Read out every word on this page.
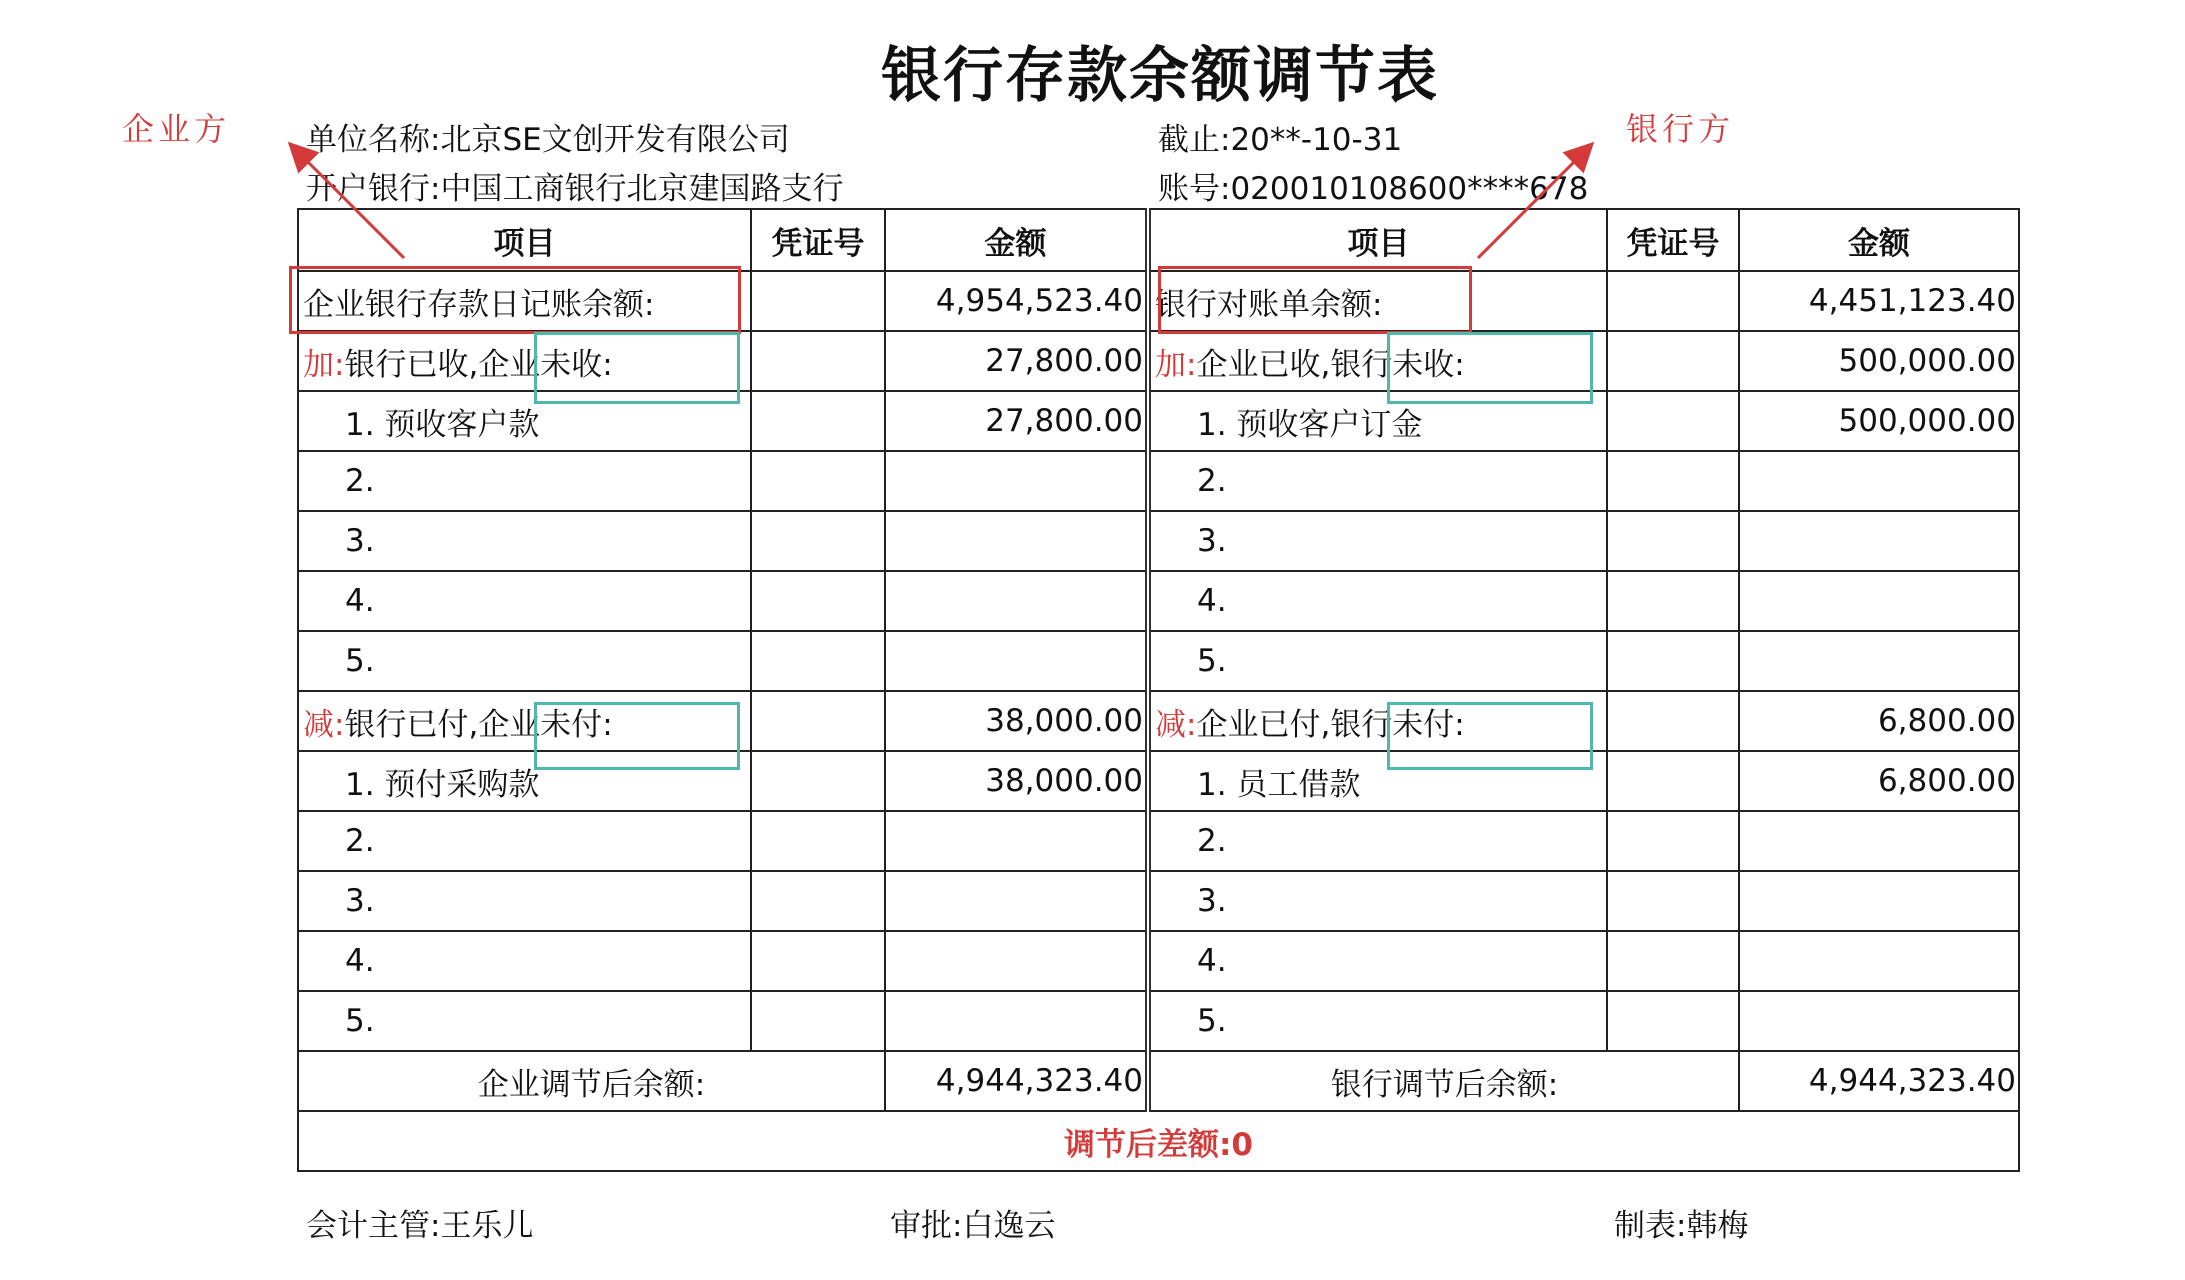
银行存款余额调节表
企业方	银行方
单位名称:北京SE文创开发有限公司	截止:20**-10-31
开户银行:中国工商银行北京建国路支行	账号:020010108600****678
项目	凭证号	金额	项目	凭证号	金额
企业银行存款日记账余额:		4,954,523.40	银行对账单余额:		4,451,123.40
加:银行已收,企业未收:		27,800.00	加:企业已收,银行未收:		500,000.00
1. 预收客户款		27,800.00	1. 预收客户订金		500,000.00
2.			2.		
3.			3.		
4.			4.		
5.			5.		
减:银行已付,企业未付:		38,000.00	减:企业已付,银行未付:		6,800.00
1. 预付采购款		38,000.00	1. 员工借款		6,800.00
2.			2.		
3.			3.		
4.			4.		
5.			5.		
企业调节后余额:		4,944,323.40	银行调节后余额:		4,944,323.40
调节后差额:0					
会计主管:王乐儿	审批:白逸云	制表:韩梅
